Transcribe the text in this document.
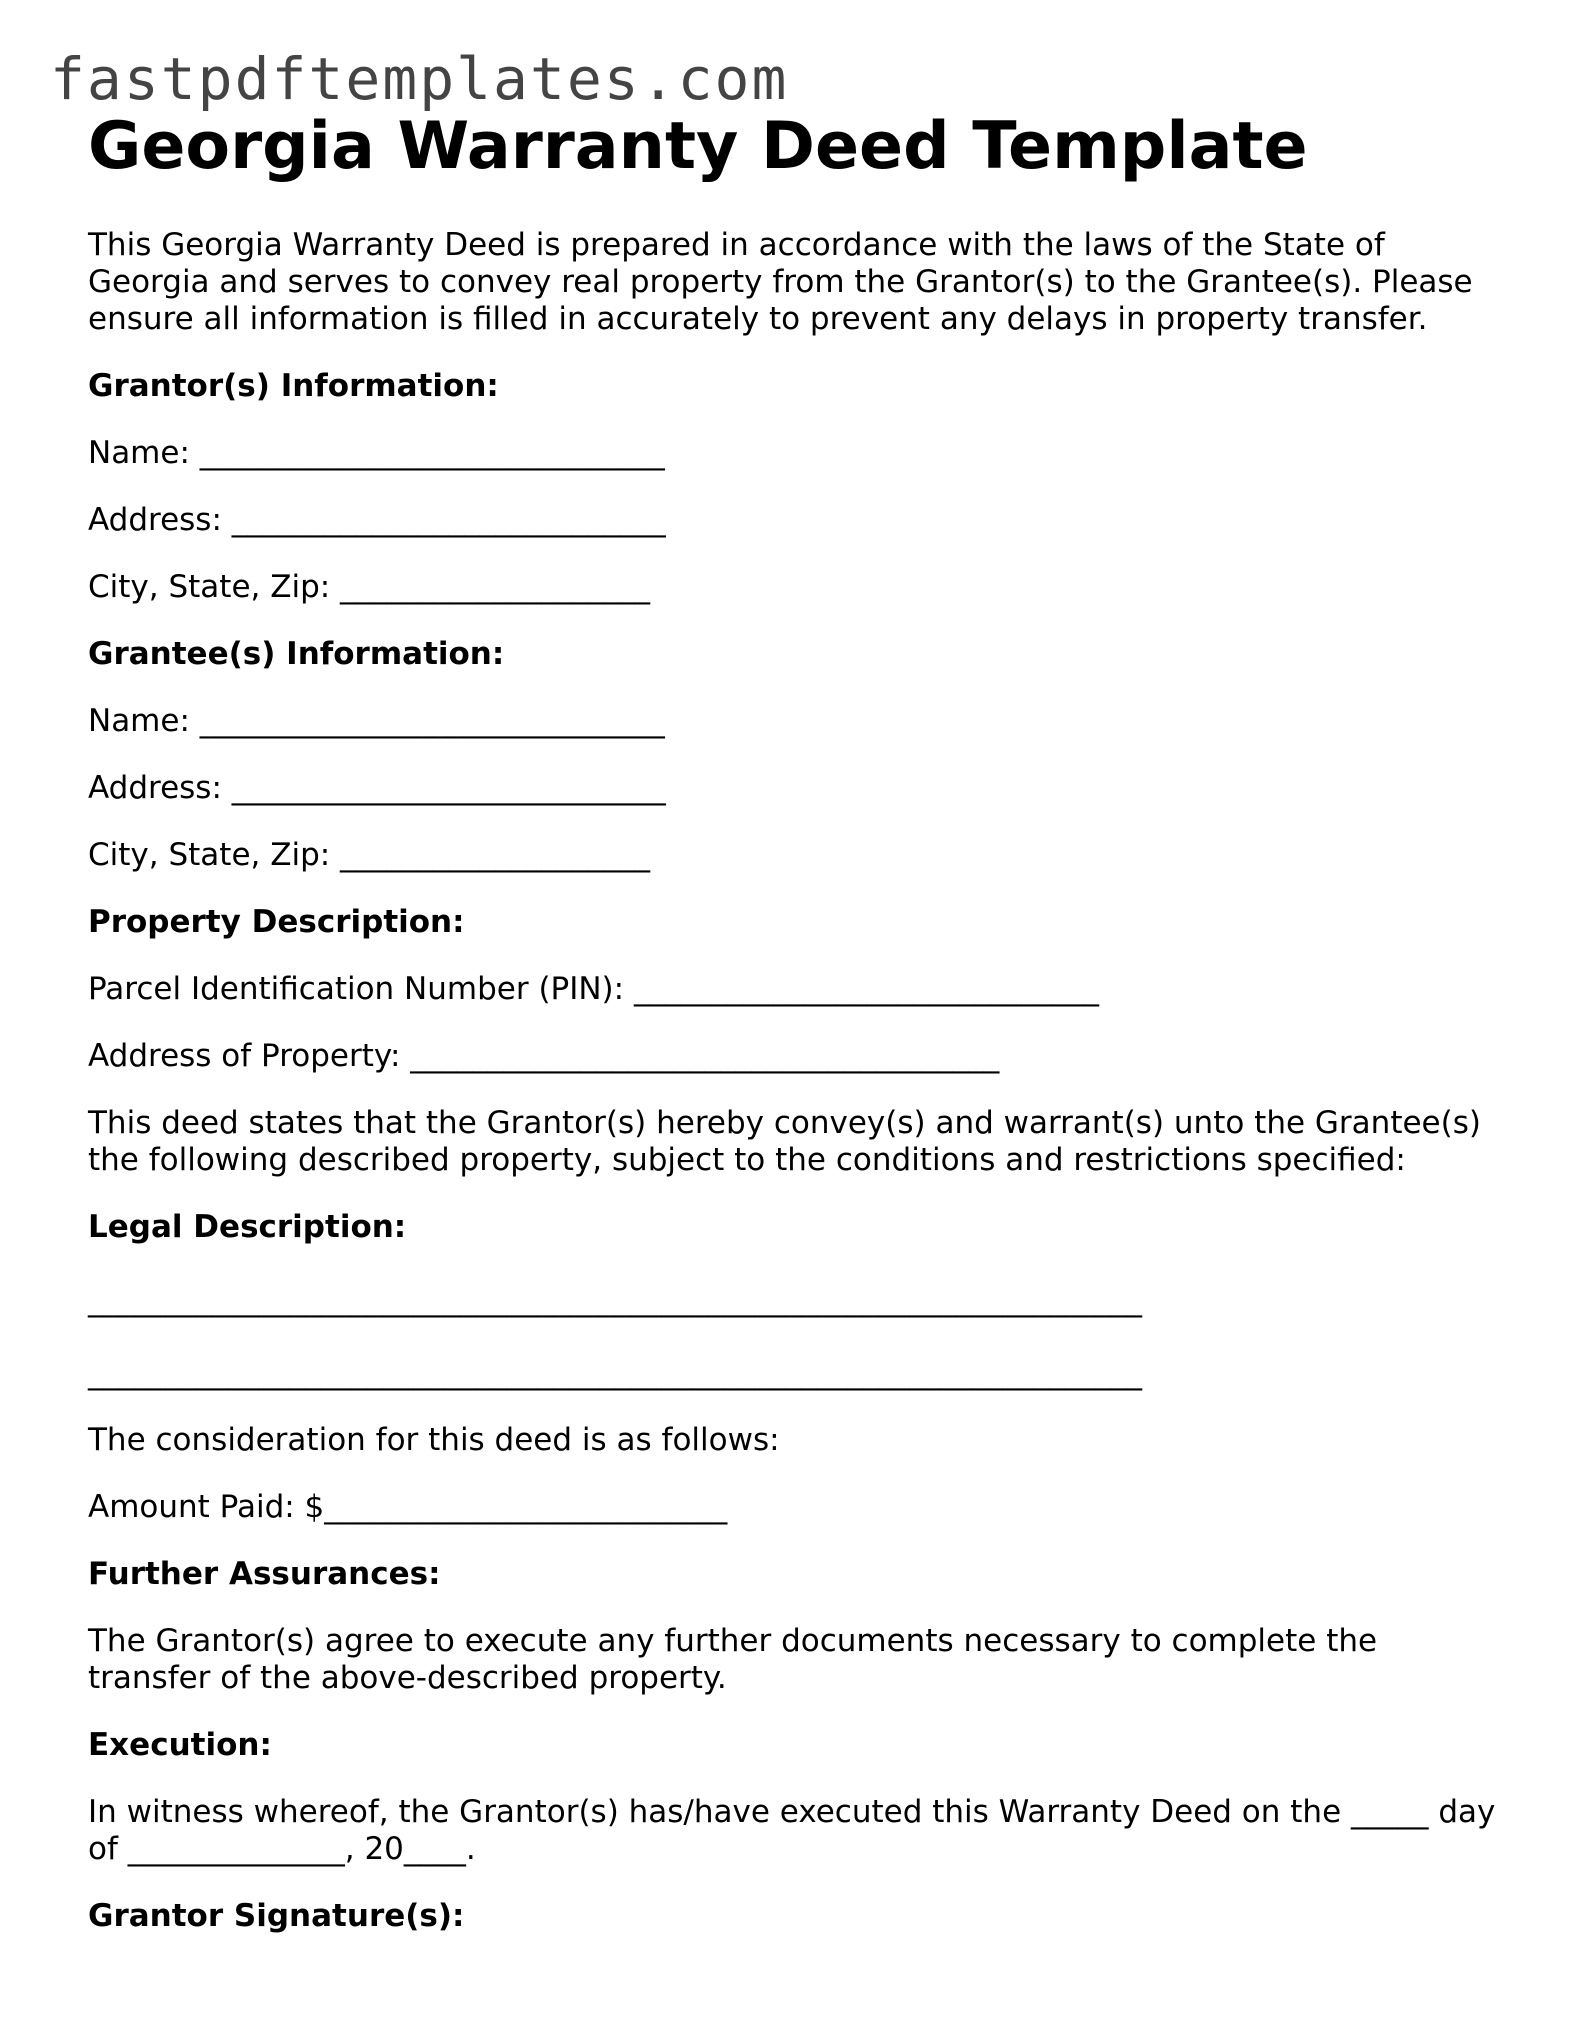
fastpdftemplates.com
Georgia Warranty Deed Template

This Georgia Warranty Deed is prepared in accordance with the laws of the State of Georgia and serves to convey real property from the Grantor(s) to the Grantee(s). Please ensure all information is filled in accurately to prevent any delays in property transfer.

Grantor(s) Information:
Name: ______________________________
Address: ____________________________
City, State, Zip: ____________________
Grantee(s) Information:
Name: ______________________________
Address: ____________________________
City, State, Zip: ____________________
Property Description:
Parcel Identification Number (PIN): ______________________________
Address of Property: ______________________________________

This deed states that the Grantor(s) hereby convey(s) and warrant(s) unto the Grantee(s) the following described property, subject to the conditions and restrictions specified:

Legal Description:
____________________________________________________________________
____________________________________________________________________

The consideration for this deed is as follows:

Amount Paid: $__________________________
Further Assurances:

The Grantor(s) agree to execute any further documents necessary to complete the transfer of the above-described property.

Execution:

In witness whereof, the Grantor(s) has/have executed this Warranty Deed on the _____ day of ______________, 20____.

Grantor Signature(s):
